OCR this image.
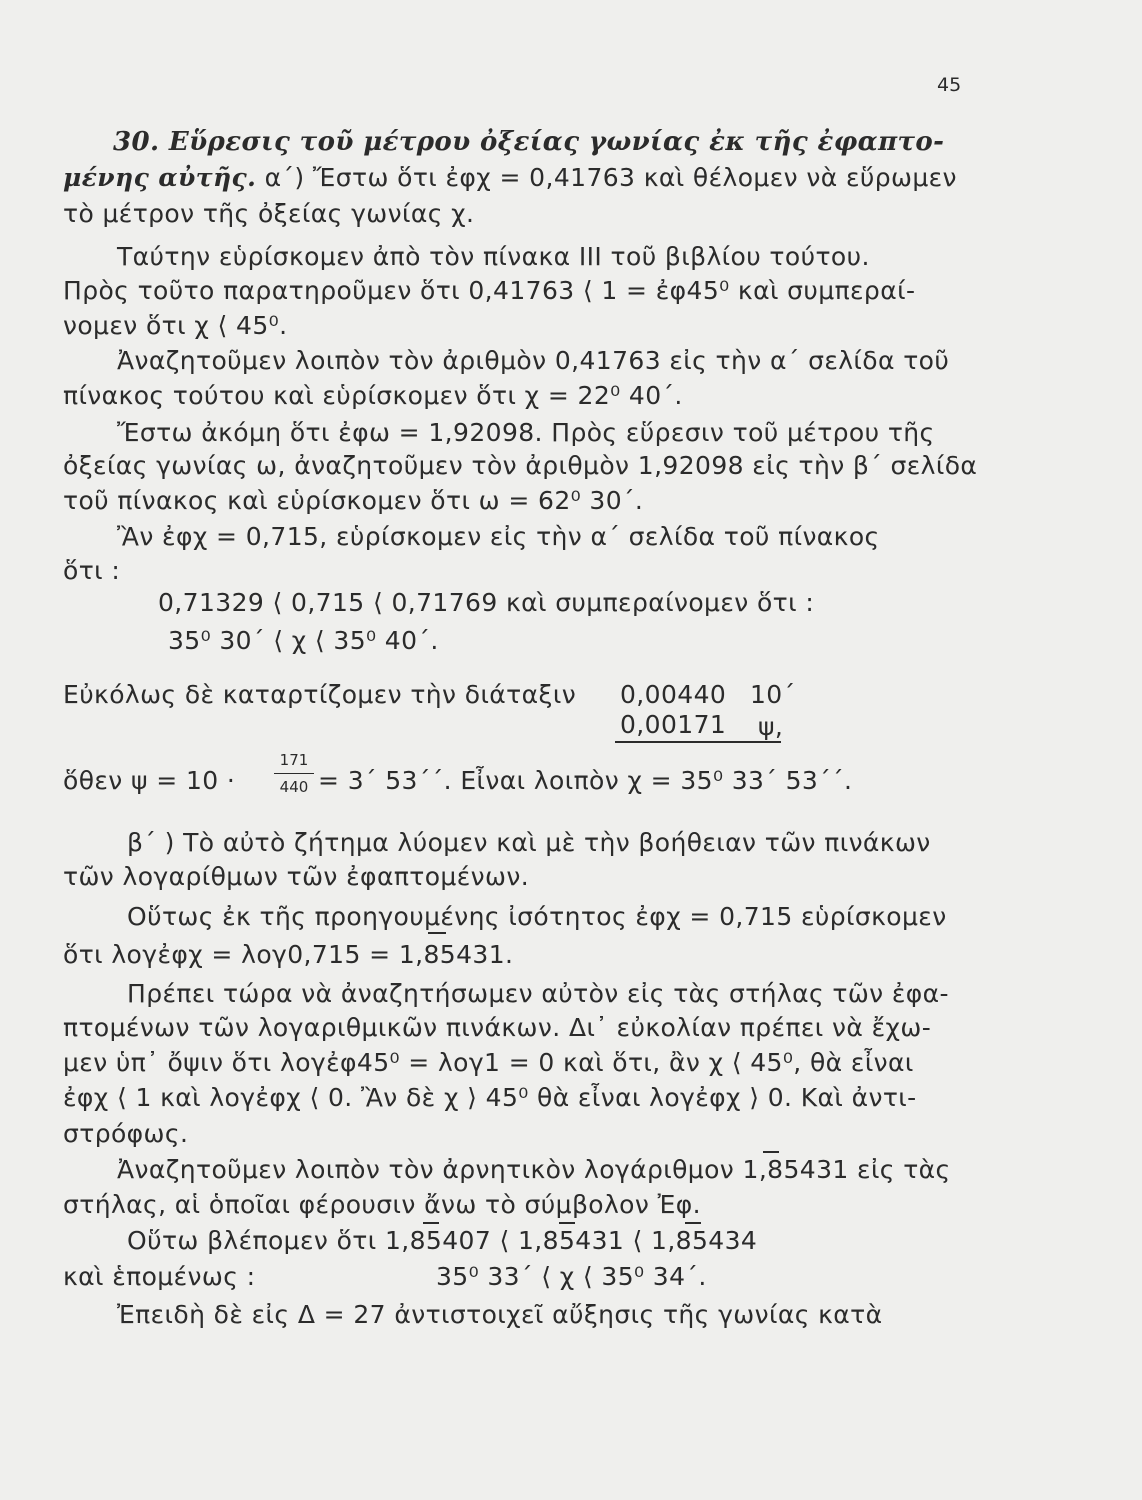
45
30. Εὕρεσις τοῦ μέτρου ὀξείας γωνίας ἐκ τῆς ἐφαπτο-
μένης αὐτῆς. α΄) Ἔστω ὅτι ἐφχ = 0,41763 καὶ θέλομεν νὰ εὕρωμεν
τὸ μέτρον τῆς ὀξείας γωνίας χ.
Ταύτην εὑρίσκομεν ἀπὸ τὸν πίνακα ΙΙΙ τοῦ βιβλίου τούτου.
Πρὸς τοῦτο παρατηροῦμεν ὅτι 0,41763 ⟨ 1 = ἐφ45⁰ καὶ συμπεραί-
νομεν ὅτι χ ⟨ 45⁰.
Ἀναζητοῦμεν λοιπὸν τὸν ἀριθμὸν 0,41763 εἰς τὴν α΄ σελίδα τοῦ
πίνακος τούτου καὶ εὑρίσκομεν ὅτι χ = 22⁰ 40΄.
Ἔστω ἀκόμη ὅτι ἐφω = 1,92098. Πρὸς εὕρεσιν τοῦ μέτρου τῆς
ὀξείας γωνίας ω, ἀναζητοῦμεν τὸν ἀριθμὸν 1,92098 εἰς τὴν β΄ σελίδα
τοῦ πίνακος καὶ εὑρίσκομεν ὅτι ω = 62⁰ 30΄.
Ἂν ἐφχ = 0,715, εὑρίσκομεν εἰς τὴν α΄ σελίδα τοῦ πίνακος
ὅτι :
0,71329 ⟨ 0,715 ⟨ 0,71769 καὶ συμπεραίνομεν ὅτι :
35⁰ 30΄ ⟨ χ ⟨ 35⁰ 40΄.
Εὐκόλως δὲ καταρτίζομεν τὴν διάταξιν 0,00440 10΄
0,00171 ψ,
ὅθεν ψ = 10 ·
171
440 = 3΄ 53΄΄. Εἶναι λοιπὸν χ = 35⁰ 33΄ 53΄΄.
β΄ ) Τὸ αὐτὸ ζήτημα λύομεν καὶ μὲ τὴν βοήθειαν τῶν πινάκων
τῶν λογαρίθμων τῶν ἐφαπτομένων.
Οὕτως ἐκ τῆς προηγουμένης ἰσότητος ἐφχ = 0,715 εὑρίσκομεν
ὅτι λογἐφχ = λογ0,715 = 1,85431.
Πρέπει τώρα νὰ ἀναζητήσωμεν αὐτὸν εἰς τὰς στήλας τῶν ἐφα-
πτομένων τῶν λογαριθμικῶν πινάκων. Δι᾿ εὐκολίαν πρέπει νὰ ἔχω-
μεν ὑπ᾿ ὄψιν ὅτι λογἐφ45⁰ = λογ1 = 0 καὶ ὅτι, ἂν χ ⟨ 45⁰, θὰ εἶναι
ἐφχ ⟨ 1 καὶ λογἐφχ ⟨ 0. Ἂν δὲ χ ⟩ 45⁰ θὰ εἶναι λογἐφχ ⟩ 0. Καὶ ἀντι-
στρόφως.
Ἀναζητοῦμεν λοιπὸν τὸν ἀρνητικὸν λογάριθμον 1,85431 εἰς τὰς
στήλας, αἱ ὁποῖαι φέρουσιν ἄνω τὸ σύμβολον Ἐφ.
Οὕτω βλέπομεν ὅτι 1,85407 ⟨ 1,85431 ⟨ 1,85434
καὶ ἑπομένως :	35⁰ 33΄ ⟨ χ ⟨ 35⁰ 34΄.
Ἐπειδὴ δὲ εἰς Δ = 27 ἀντιστοιχεῖ αὔξησις τῆς γωνίας κατὰ
